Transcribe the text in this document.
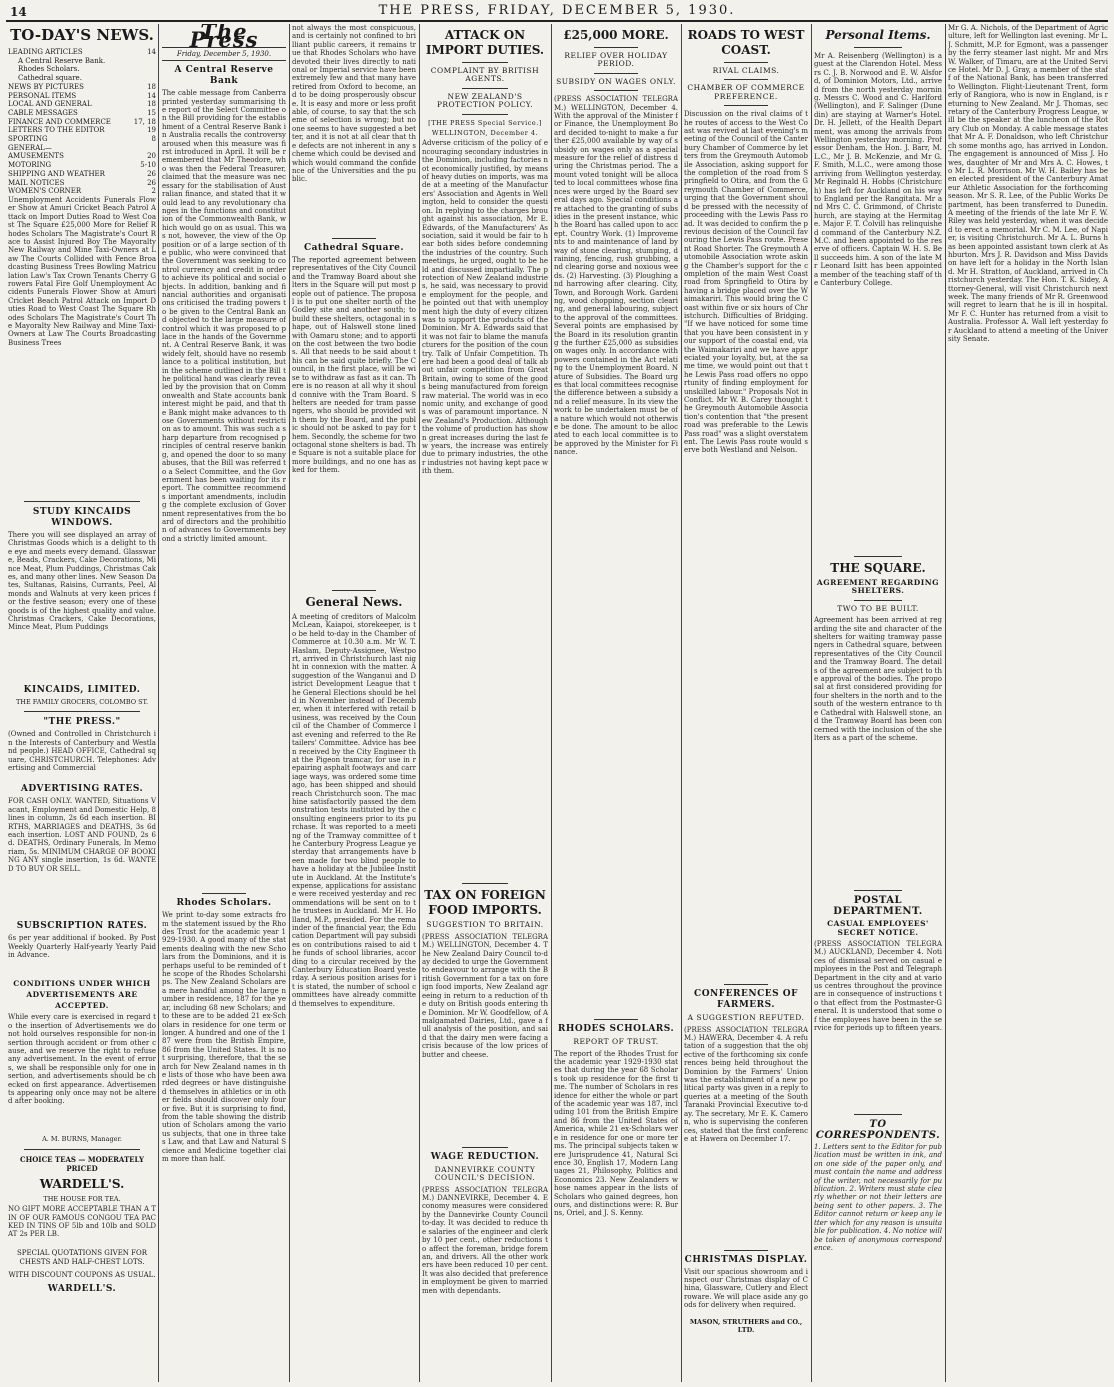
14	THE PRESS, FRIDAY, DECEMBER 5, 1930.
TO-DAY'S NEWS.
LEADING ARTICLES	14
A Central Reserve Bank.
Rhodes Scholars.
Cathedral square.
NEWS BY PICTURES	18
PERSONAL ITEMS	14
LOCAL AND GENERAL	18
CABLE MESSAGES	15
FINANCE AND COMMERCE	17, 18
LETTERS TO THE EDITOR	19
SPORTING	8
GENERAL—
AMUSEMENTS	20
MOTORING	5-10
SHIPPING AND WEATHER	26
MAIL NOTICES	26
WOMEN'S CORNER	2
Unemployment Accidents Funerals Flower Show at Amuri Cricket Beach Patrol Attack on Import Duties Road to West Coast The Square £25,000 More for Relief Rhodes Scholars The Magistrate's Court Race to Assist Injured Boy The Mayoralty New Railway and Mine Taxi-Owners at Law The Courts Collided with Fence Broadcasting Business Trees Bowling Matriculation Law's Tax Crown Tenants Cherry Growers Fatal Fire Golf Unemployment Accidents Funerals Flower Show at Amuri Cricket Beach Patrol Attack on Import Duties Road to West Coast The Square Rhodes Scholars The Magistrate's Court The Mayoralty New Railway and Mine Taxi-Owners at Law The Courts Broadcasting Business Trees
STUDY KINCAIDS WINDOWS.
There you will see displayed an array of Christmas Goods which is a delight to the eye and meets every demand. Glassware, Beads, Crackers, Cake Decorations, Mince Meat, Plum Puddings, Christmas Cakes, and many other lines. New Season Dates, Sultanas, Raisins, Currants, Peel, Almonds and Walnuts at very keen prices for the festive season; every one of these goods is of the highest quality and value. Christmas Crackers, Cake Decorations, Mince Meat, Plum Puddings
KINCAIDS, LIMITED.
THE FAMILY GROCERS, COLOMBO ST.
"THE PRESS."
(Owned and Controlled in Christchurch in the Interests of Canterbury and Westland people.) HEAD OFFICE, Cathedral square, CHRISTCHURCH. Telephones: Advertising and Commercial
ADVERTISING RATES.
FOR CASH ONLY. WANTED, Situations Vacant, Employment and Domestic Help, 8 lines in column, 2s 6d each insertion. BIRTHS, MARRIAGES and DEATHS, 3s 6d each insertion. LOST AND FOUND, 2s 6d. DEATHS, Ordinary Funerals, In Memoriam, 5s. MINIMUM CHARGE OF BOOKING ANY single insertion, 1s 6d. WANTED TO BUY OR SELL.
SUBSCRIPTION RATES.
6s per year additional if booked. By Post Weekly Quarterly Half-yearly Yearly Paid in Advance.
CONDITIONS UNDER WHICH ADVERTISEMENTS ARE ACCEPTED.
While every care is exercised in regard to the insertion of Advertisements we do not hold ourselves responsible for non-insertion through accident or from other cause, and we reserve the right to refuse any advertisement. In the event of errors, we shall be responsible only for one insertion, and advertisements should be checked on first appearance. Advertisements appearing only once may not be altered after booking.
A. M. BURNS, Manager.
CHOICE TEAS — MODERATELY PRICED
WARDELL'S.
THE HOUSE FOR TEA.
NO GIFT MORE ACCEPTABLE THAN A TIN OF OUR FAMOUS CONGOU TEA PACKED IN TINS OF 5lb and 10lb and SOLD AT 2s PER LB.
SPECIAL QUOTATIONS GIVEN FOR CHESTS AND HALF-CHEST LOTS.
WITH DISCOUNT COUPONS AS USUAL.
WARDELL'S.
The Press
Friday, December 5, 1930.
A Central Reserve Bank
The cable message from Canberra printed yesterday summarising the report of the Select Committee on the Bill providing for the establishment of a Central Reserve Bank in Australia recalls the controversy aroused when this measure was first introduced in April. It will be remembered that Mr Theodore, who was then the Federal Treasurer, claimed that the measure was necessary for the stabilisation of Australian finance, and stated that it would lead to any revolutionary changes in the functions and constitution of the Commonwealth Bank, which would go on as usual. This was not, however, the view of the Opposition or of a large section of the public, who were convinced that the Government was seeking to control currency and credit in order to achieve its political and social objects. In addition, banking and financial authorities and organisations criticised the trading powers to be given to the Central Bank and objected to the large measure of control which it was proposed to place in the hands of the Government. A Central Reserve Bank, it was widely felt, should have no resemblance to a political institution, but in the scheme outlined in the Bill the political hand was clearly revealed by the provision that on Commonwealth and State accounts bank interest might be paid, and that the Bank might make advances to those Governments without restriction as to amount. This was such a sharp departure from recognised principles of central reserve banking, and opened the door to so many abuses, that the Bill was referred to a Select Committee, and the Government has been waiting for its report. The committee recommends important amendments, including the complete exclusion of Government representatives from the board of directors and the prohibition of advances to Governments beyond a strictly limited amount.
Rhodes Scholars.
We print to-day some extracts from the statement issued by the Rhodes Trust for the academic year 1929-1930. A good many of the statements dealing with the new Scholars from the Dominions, and it is perhaps useful to be reminded of the scope of the Rhodes Scholarships. The New Zealand Scholars are a mere handful among the large number in residence, 187 for the year, including 68 new Scholars; and to these are to be added 21 ex-Scholars in residence for one term or longer. A hundred and one of the 187 were from the British Empire, 86 from the United States. It is not surprising, therefore, that the search for New Zealand names in the lists of those who have been awarded degrees or have distinguished themselves in athletics or in other fields should discover only four or five. But it is surprising to find, from the table showing the distribution of Scholars among the various subjects, that one in three takes Law, and that Law and Natural Science and Medicine together claim more than half.
not always the most conspicuous, and is certainly not confined to brilliant public careers, it remains true that Rhodes Scholars who have devoted their lives directly to national or Imperial service have been extremely few and that many have retired from Oxford to become, and to be doing prosperously obscure. It is easy and more or less profitable, of course, to say that the scheme of selection is wrong; but no one seems to have suggested a better, and it is not at all clear that the defects are not inherent in any scheme which could be devised and which would command the confidence of the Universities and the public.
Cathedral Square.
The reported agreement between representatives of the City Council and the Tramway Board about shelters in the Square will put most people out of patience. The proposal is to put one shelter north of the Godley site and another south; to build these shelters, octagonal in shape, out of Halswell stone lined with Oamaru stone; and to apportion the cost between the two bodies. All that needs to be said about this can be said quite briefly. The Council, in the first place, will be wise to withdraw as fast as it can. There is no reason at all why it should connive with the Tram Board. Shelters are needed for tram passengers, who should be provided with them by the Board, and the public should not be asked to pay for them. Secondly, the scheme for two octagonal stone shelters is bad. The Square is not a suitable place for more buildings, and no one has asked for them.
General News.
A meeting of creditors of Malcolm McLean, Kaiapoi, storekeeper, is to be held to-day in the Chamber of Commerce at 10.30 a.m. Mr W. T. Haslam, Deputy-Assignee, Westport, arrived in Christchurch last night in connexion with the matter. A suggestion of the Wanganui and District Development League that the General Elections should be held in November instead of December, when it interfered with retail business, was received by the Council of the Chamber of Commerce last evening and referred to the Retailers' Committee. Advice has been received by the City Engineer that the Pigeon tramcar, for use in repairing asphalt footways and carriage ways, was ordered some time ago, has been shipped and should reach Christchurch soon. The machine satisfactorily passed the demonstration tests instituted by the consulting engineers prior to its purchase. It was reported to a meeting of the Tramway committee of the Canterbury Progress League yesterday that arrangements have been made for two blind people to have a holiday at the Jubilee Institute in Auckland. At the Institute's expense, applications for assistance were received yesterday and recommendations will be sent on to the trustees in Auckland. Mr H. Holland, M.P., presided. For the remainder of the financial year, the Education Department will pay subsidies on contributions raised to aid the funds of school libraries, according to a circular received by the Canterbury Education Board yesterday. A serious position arises for it is stated, the number of school committees have already committed themselves to expenditure.
ATTACK ON IMPORT DUTIES.
COMPLAINT BY BRITISH AGENTS.
NEW ZEALAND'S PROTECTION POLICY.
[THE PRESS Special Service.]
WELLINGTON, December 4.
Adverse criticism of the policy of encouraging secondary industries in the Dominion, including factories not economically justified, by means of heavy duties on imports, was made at a meeting of the Manufacturers' Association and Agents in Wellington, held to consider the question. In replying to the charges brought against his association, Mr E. Edwards, of the Manufacturers' Association, said it would be fair to hear both sides before condemning the industries of the country. Such meetings, he urged, ought to be held and discussed impartially. The protection of New Zealand industries, he said, was necessary to provide employment for the people, and he pointed out that with unemployment high the duty of every citizen was to support the products of the Dominion. Mr A. Edwards said that it was not fair to blame the manufacturers for the position of the country. Talk of Unfair Competition. There had been a good deal of talk about unfair competition from Great Britain, owing to some of the goods being manufactured from foreign raw material. The world was in economic unity, and exchange of goods was of paramount importance. New Zealand's Production. Although the volume of production has shown great increases during the last few years, the increase was entirely due to primary industries, the other industries not having kept pace with them.
TAX ON FOREIGN FOOD IMPORTS.
SUGGESTION TO BRITAIN.
(PRESS ASSOCIATION TELEGRAM.) WELLINGTON, December 4. The New Zealand Dairy Council to-day decided to urge the Government to endeavour to arrange with the British Government for a tax on foreign food imports, New Zealand agreeing in return to a reduction of the duty on British goods entering the Dominion. Mr W. Goodfellow, of Amalgamated Dairies, Ltd., gave a full analysis of the position, and said that the dairy men were facing a crisis because of the low prices of butter and cheese.
WAGE REDUCTION.
DANNEVIRKE COUNTY COUNCIL'S DECISION.
(PRESS ASSOCIATION TELEGRAM.) DANNEVIRKE, December 4. Economy measures were considered by the Dannevirke County Council to-day. It was decided to reduce the salaries of the engineer and clerk by 10 per cent., other reductions to affect the foreman, bridge foreman, and drivers. All the other workers have been reduced 10 per cent. It was also decided that preference in employment be given to married men with dependants.
£25,000 MORE.
RELIEF OVER HOLIDAY PERIOD.
SUBSIDY ON WAGES ONLY.
(PRESS ASSOCIATION TELEGRAM.) WELLINGTON, December 4. With the approval of the Minister for Finance, the Unemployment Board decided to-night to make a further £25,000 available by way of subsidy on wages only as a special measure for the relief of distress during the Christmas period. The amount voted tonight will be allocated to local committees whose finances were urged by the Board several days ago. Special conditions are attached to the granting of subsidies in the present instance, which the Board has called upon to accept. Country Work. (1) Improvements to and maintenance of land by way of stone clearing, stumping, draining, fencing, rush grubbing, and clearing gorse and noxious weeds. (2) Harvesting. (3) Ploughing and harrowing after clearing. City, Town, and Borough Work. Gardening, wood chopping, section clearing, and general labouring, subject to the approval of the committees. Several points are emphasised by the Board in its resolution granting the further £25,000 as subsidies on wages only. In accordance with powers contained in the Act relating to the Unemployment Board. Nature of Subsidies. The Board urges that local committees recognise the difference between a subsidy and a relief measure. In its view the work to be undertaken must be of a nature which would not otherwise be done. The amount to be allocated to each local committee is to be approved by the Minister for Finance.
RHODES SCHOLARS.
REPORT OF TRUST.
The report of the Rhodes Trust for the academic year 1929-1930 states that during the year 68 Scholars took up residence for the first time. The number of Scholars in residence for either the whole or part of the academic year was 187, including 101 from the British Empire and 86 from the United States of America, while 21 ex-Scholars were in residence for one or more terms. The principal subjects taken were Jurisprudence 41, Natural Science 30, English 17, Modern Languages 21, Philosophy, Politics and Economics 23. New Zealanders whose names appear in the lists of Scholars who gained degrees, honours, and distinctions were: R. Burns, Oriel, and J. S. Kenny.
ROADS TO WEST COAST.
RIVAL CLAIMS.
CHAMBER OF COMMERCE PREFERENCE.
Discussion on the rival claims of the routes of access to the West Coast was revived at last evening's meeting of the Council of the Canterbury Chamber of Commerce by letters from the Greymouth Automobile Association, asking support for the completion of the road from Springfield to Otira, and from the Greymouth Chamber of Commerce, urging that the Government should be pressed with the necessity of proceeding with the Lewis Pass road. It was decided to confirm the previous decision of the Council favouring the Lewis Pass route. Present Road Shorter. The Greymouth Automobile Association wrote asking the Chamber's support for the completion of the main West Coast road from Springfield to Otira by having a bridge placed over the Waimakariri. This would bring the Coast within five or six hours of Christchurch. Difficulties of Bridging. "If we have noticed for some time that you have been consistent in your support of the coastal end, via the Waimakariri and we have appreciated your loyalty, but, at the same time, we would point out that the Lewis Pass road offers no opportunity of finding employment for unskilled labour." Proposals Not in Conflict. Mr W. B. Carey thought the Greymouth Automobile Association's contention that "the present road was preferable to the Lewis Pass road" was a slight overstatement. The Lewis Pass route would serve both Westland and Nelson.
CONFERENCES OF FARMERS.
A SUGGESTION REFUTED.
(PRESS ASSOCIATION TELEGRAM.) HAWERA, December 4. A refutation of a suggestion that the objective of the forthcoming six conferences being held throughout the Dominion by the Farmers' Union was the establishment of a new political party was given in a reply to queries at a meeting of the South Taranaki Provincial Executive to-day. The secretary, Mr E. K. Cameron, who is supervising the conferences, stated that the first conference at Hawera on December 17.
CHRISTMAS DISPLAY.
Visit our spacious showroom and inspect our Christmas display of China, Glassware, Cutlery and Electroware. We will place aside any goods for delivery when required.
MASON, STRUTHERS and CO., LTD.
Personal Items.
Mr A. Reisenberg (Wellington) is a guest at the Clarendon Hotel. Messrs C. J. B. Norwood and E. W. Alsford, of Dominion Motors, Ltd., arrived from the north yesterday morning. Messrs C. Wood and C. Harlford (Wellington), and F. Salinger (Dunedin) are staying at Warner's Hotel. Dr. H. Jellett, of the Health Department, was among the arrivals from Wellington yesterday morning. Professor Denham, the Hon. J. Barr, M.L.C., Mr J. B. McKenzie, and Mr G. F. Smith, M.L.C., were among those arriving from Wellington yesterday. Mr Reginald H. Hobbs (Christchurch) has left for Auckland on his way to England per the Rangitata. Mr and Mrs C. C. Grimmond, of Christchurch, are staying at the Hermitage. Major F. T. Colvill has relinquished command of the Canterbury N.Z.M.C. and been appointed to the reserve of officers. Captain W. H. S. Bell succeeds him. A son of the late Mr Leonard Isitt has been appointed a member of the teaching staff of the Canterbury College.
THE SQUARE.
AGREEMENT REGARDING SHELTERS.
TWO TO BE BUILT.
Agreement has been arrived at regarding the site and character of the shelters for waiting tramway passengers in Cathedral square, between representatives of the City Council and the Tramway Board. The details of the agreement are subject to the approval of the bodies. The proposal at first considered providing for four shelters in the north and to the south of the western entrance to the Cathedral with Halswell stone, and the Tramway Board has been concerned with the inclusion of the shelters as a part of the scheme.
POSTAL DEPARTMENT.
CASUAL EMPLOYEES' SECRET NOTICE.
(PRESS ASSOCIATION TELEGRAM.) AUCKLAND, December 4. Notices of dismissal served on casual employees in the Post and Telegraph Department in the city and at various centres throughout the province are in consequence of instructions to that effect from the Postmaster-General. It is understood that some of the employees have been in the service for periods up to fifteen years.
TO CORRESPONDENTS.
1. Letters sent to the Editor for publication must be written in ink, and on one side of the paper only, and must contain the name and address of the writer, not necessarily for publication. 2. Writers must state clearly whether or not their letters are being sent to other papers. 3. The Editor cannot return or keep any letter which for any reason is unsuitable for publication. 4. No notice will be taken of anonymous correspondence.
Mr G. A. Nichols, of the Department of Agriculture, left for Wellington last evening. Mr L. J. Schmitt, M.P. for Egmont, was a passenger by the ferry steamer last night. Mr and Mrs W. Walker, of Timaru, are at the United Service Hotel. Mr D. J. Gray, a member of the staff of the National Bank, has been transferred to Wellington. Flight-Lieutenant Trent, formerly of Rangiora, who is now in England, is returning to New Zealand. Mr J. Thomas, secretary of the Canterbury Progress League, will be the speaker at the luncheon of the Rotary Club on Monday. A cable message states that Mr A. F. Donaldson, who left Christchurch some months ago, has arrived in London. The engagement is announced of Miss J. Howes, daughter of Mr and Mrs A. C. Howes, to Mr L. R. Morrison. Mr W. H. Bailey has been elected president of the Canterbury Amateur Athletic Association for the forthcoming season. Mr S. R. Lee, of the Public Works Department, has been transferred to Dunedin. A meeting of the friends of the late Mr F. W. Riley was held yesterday, when it was decided to erect a memorial. Mr C. M. Lee, of Napier, is visiting Christchurch. Mr A. L. Burns has been appointed assistant town clerk at Ashburton. Mrs J. R. Davidson and Miss Davidson have left for a holiday in the North Island. Mr H. Stratton, of Auckland, arrived in Christchurch yesterday. The Hon. T. K. Sidey, Attorney-General, will visit Christchurch next week. The many friends of Mr R. Greenwood will regret to learn that he is ill in hospital. Mr F. C. Hunter has returned from a visit to Australia. Professor A. Wall left yesterday for Auckland to attend a meeting of the University Senate.
